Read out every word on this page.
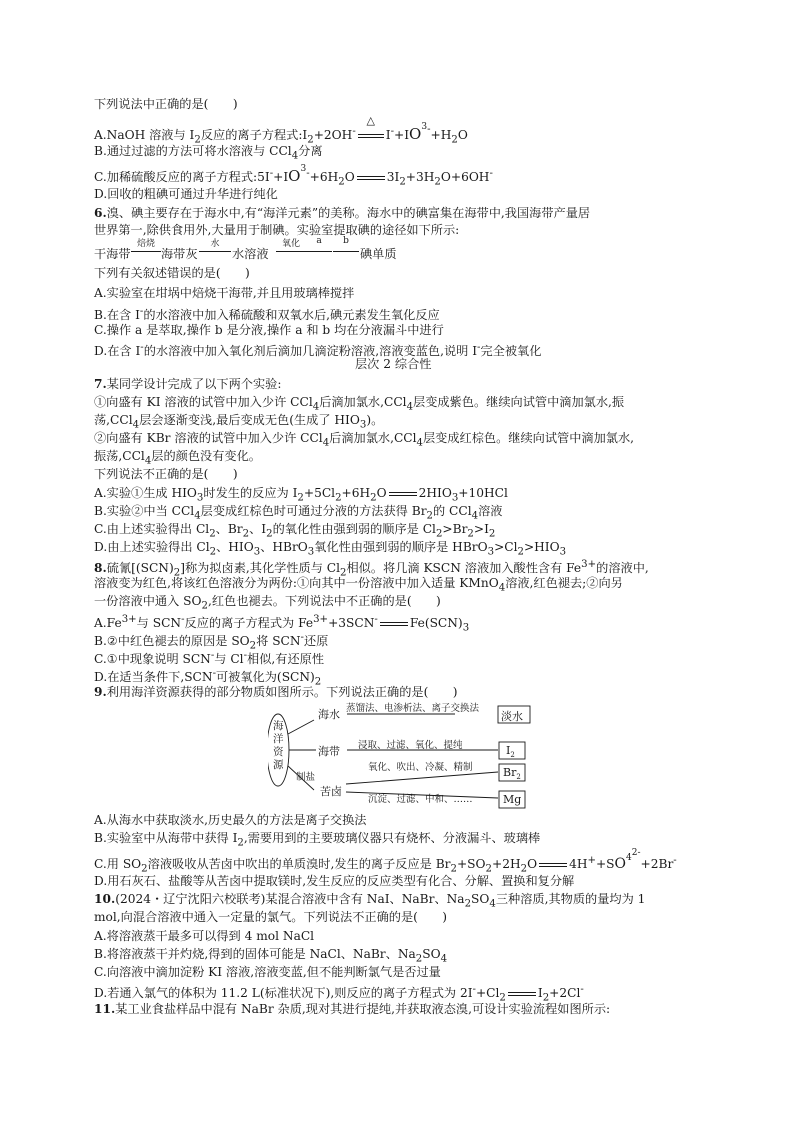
下列说法中正确的是(　　)
A.NaOH 溶液与 $I_2$反应的离子方程式$:I_2+2OH^-$
△
$I^-+IO_3^-+H_2O$
B.通过过滤的方法可将水溶液与 CCl$_4$分离
C.加稀硫酸反应的离子方程式$:5I^-+IO_3^-+6H_2O$	$3I_2+3H_2O+6OH^-$
D.回收的粗碘可通过升华进行纯化
6.溴、碘主要存在于海水中,有“海洋元素”的美称。海水中的碘富集在海带中,我国海带产量居
世界第一,除供食用外,大量用于制碘。实验室提取碘的途径如下所示:
干海带
焙烧
海带灰
水
水溶液
氧化	a	b
碘单质
下列有关叙述错误的是(　　)
A.实验室在坩埚中焙烧干海带,并且用玻璃棒搅拌
B.在含 I-的水溶液中加入稀硫酸和双氧水后,碘元素发生氧化反应
C.操作 a 是萃取,操作 b 是分液,操作 a 和 b 均在分液漏斗中进行
D.在含 I-的水溶液中加入氧化剂后滴加几滴淀粉溶液,溶液变蓝色,说明 I-完全被氧化
层次 2 综合性
7.某同学设计完成了以下两个实验:
①向盛有 KI 溶液的试管中加入少许 CCl$_4$后滴加氯水,CCl$_4$层变成紫色。继续向试管中滴加氯水,振
荡,CCl$_4$层会逐渐变浅,最后变成无色(生成了 $HIO_3$)。
②向盛有 KBr 溶液的试管中加入少许 CCl$_4$后滴加氯水,CCl$_4$层变成红棕色。继续向试管中滴加氯水,
振荡,CCl$_4$层的颜色没有变化。
下列说法不正确的是(　　)
A.实验①生成 $HIO_3$时发生的反应为 $I_2+5Cl_2+6H_2O$	$2HIO_3+10HCl$
B.实验②中当 CCl$_4$层变成红棕色时可通过分液的方法获得 $Br_2$的 CCl$_4$溶液
C.由上述实验得出 $Cl_2$、$Br_2$、$I_2$的氧化性由强到弱的顺序是 $Cl_2>Br_2>I_2$
D.由上述实验得出 $Cl_2$、$HIO_3$、HBrO$_3$氧化性由强到弱的顺序是 $HBrO_3>Cl_2>HIO_3$
8.硫氰$[(SCN)_2]$称为拟卤素,其化学性质与 $Cl_2$相似。将几滴 KSCN 溶液加入酸性含有 $Fe^{3+}$的溶液中,
溶液变为红色,将该红色溶液分为两份:①向其中一份溶液中加入适量 KMnO$_4$溶液,红色褪去;②向另
一份溶液中通入 $SO_2$,红色也褪去。下列说法中不正确的是(　　)
$A.Fe^{3+}$与 SCN-反应的离子方程式为 $Fe^{3+}+3SCN^-$	$Fe(SCN)_3$
B.②中红色褪去的原因是 $SO_2$将 SCN-还原
C.①中现象说明 SCN-与 Cl-相似,有还原性
D.在适当条件下,SCN-可被氧化为$(SCN)_2$
9.利用海洋资源获得的部分物质如图所示。下列说法正确的是(　　)
海
洋
资
源
海水
海带
苦卤
制盐
蒸馏法、电渗析法、离子交换法
浸取、过滤、氧化、提纯
氧化、吹出、冷凝、精制
沉淀、过滤、中和、……
淡水
$I_2$
$Br_2$
Mg
A.从海水中获取淡水,历史最久的方法是离子交换法
B.实验室中从海带中获得 $I_2$,需要用到的主要玻璃仪器只有烧杯、分液漏斗、玻璃棒
C.用 $SO_2$溶液吸收从苦卤中吹出的单质溴时,发生的离子反应是 $Br_2+SO_2+2H_2O$	$4H^++SO_4^{2-}+2Br^-$
D.用石灰石、盐酸等从苦卤中提取镁时,发生反应的反应类型有化合、分解、置换和复分解
10.(2024・辽宁沈阳六校联考)某混合溶液中含有 NaI、NaBr、$Na_2SO_4$三种溶质,其物质的量均为 1
mol,向混合溶液中通入一定量的氯气。下列说法不正确的是(　　)
A.将溶液蒸干最多可以得到 4 mol NaCl
B.将溶液蒸干并灼烧,得到的固体可能是 NaCl、NaBr、$Na_2SO_4$
C.向溶液中滴加淀粉 KI 溶液,溶液变蓝,但不能判断氯气是否过量
D.若通入氯气的体积为 11.2 L(标准状况下),则反应的离子方程式为 $2I^-+Cl_2$	$I_2+2Cl^-$
11.某工业食盐样品中混有 NaBr 杂质,现对其进行提纯,并获取液态溴,可设计实验流程如图所示:
